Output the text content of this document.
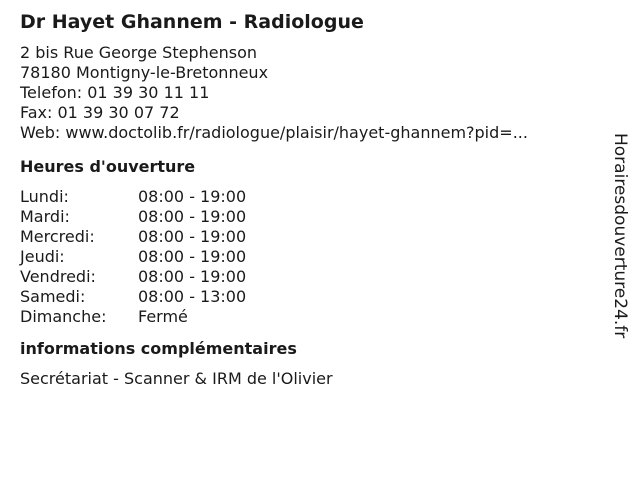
Dr Hayet Ghannem - Radiologue
2 bis Rue George Stephenson
78180 Montigny-le-Bretonneux
Telefon: 01 39 30 11 11
Fax: 01 39 30 07 72
Web: www.doctolib.fr/radiologue/plaisir/hayet-ghannem?pid=...
Heures d'ouverture
Lundi:	08:00 - 19:00
Mardi:	08:00 - 19:00
Mercredi:	08:00 - 19:00
Jeudi:	08:00 - 19:00
Vendredi:	08:00 - 19:00
Samedi:	08:00 - 13:00
Dimanche:	Fermé
informations complémentaires
Secrétariat - Scanner & IRM de l'Olivier
Horairesdouverture24.fr
